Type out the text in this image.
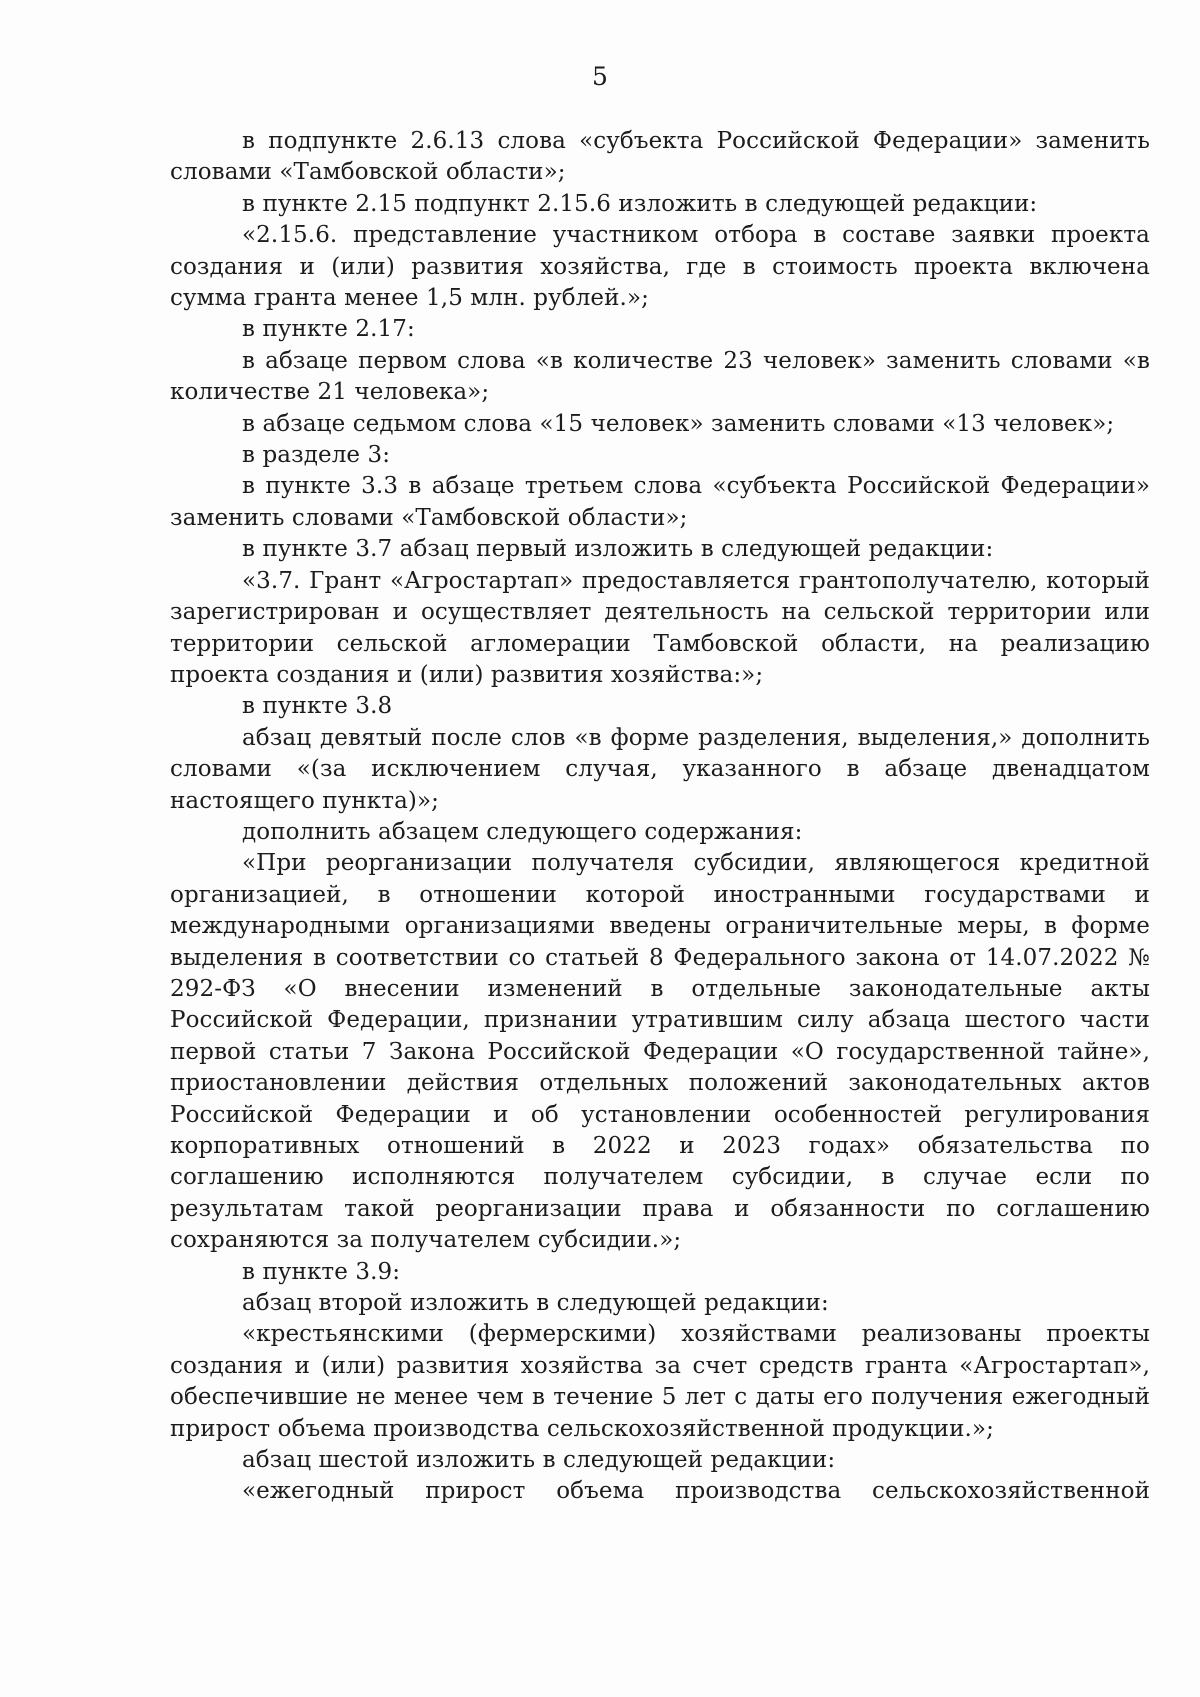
5

в подпункте 2.6.13 слова «субъекта Российской Федерации» заменить словами «Тамбовской области»;

в пункте 2.15 подпункт 2.15.6 изложить в следующей редакции:

«2.15.6. представление участником отбора в составе заявки проекта создания и (или) развития хозяйства, где в стоимость проекта включена сумма гранта менее 1,5 млн. рублей.»;

в пункте 2.17:

в абзаце первом слова «в количестве 23 человек» заменить словами «в количестве 21 человека»;

в абзаце седьмом слова «15 человек» заменить словами «13 человек»;

в разделе 3:

в пункте 3.3 в абзаце третьем слова «субъекта Российской Федерации» заменить словами «Тамбовской области»;

в пункте 3.7 абзац первый изложить в следующей редакции:

«3.7. Грант «Агростартап» предоставляется грантополучателю, который зарегистрирован и осуществляет деятельность на сельской территории или территории сельской агломерации Тамбовской области, на реализацию проекта создания и (или) развития хозяйства:»;

в пункте 3.8

абзац девятый после слов «в форме разделения, выделения,» дополнить словами «(за исключением случая, указанного в абзаце двенадцатом настоящего пункта)»;

дополнить абзацем следующего содержания:

«При реорганизации получателя субсидии, являющегося кредитной организацией, в отношении которой иностранными государствами и международными организациями введены ограничительные меры, в форме выделения в соответствии со статьей 8 Федерального закона от 14.07.2022 № 292-ФЗ «О внесении изменений в отдельные законодательные акты Российской Федерации, признании утратившим силу абзаца шестого части первой статьи 7 Закона Российской Федерации «О государственной тайне», приостановлении действия отдельных положений законодательных актов Российской Федерации и об установлении особенностей регулирования корпоративных отношений в 2022 и 2023 годах» обязательства по соглашению исполняются получателем субсидии, в случае если по результатам такой реорганизации права и обязанности по соглашению сохраняются за получателем субсидии.»;

в пункте 3.9:

абзац второй изложить в следующей редакции:

«крестьянскими (фермерскими) хозяйствами реализованы проекты создания и (или) развития хозяйства за счет средств гранта «Агростартап», обеспечившие не менее чем в течение 5 лет с даты его получения ежегодный прирост объема производства сельскохозяйственной продукции.»;

абзац шестой изложить в следующей редакции:

«ежегодный прирост объема производства сельскохозяйственной
